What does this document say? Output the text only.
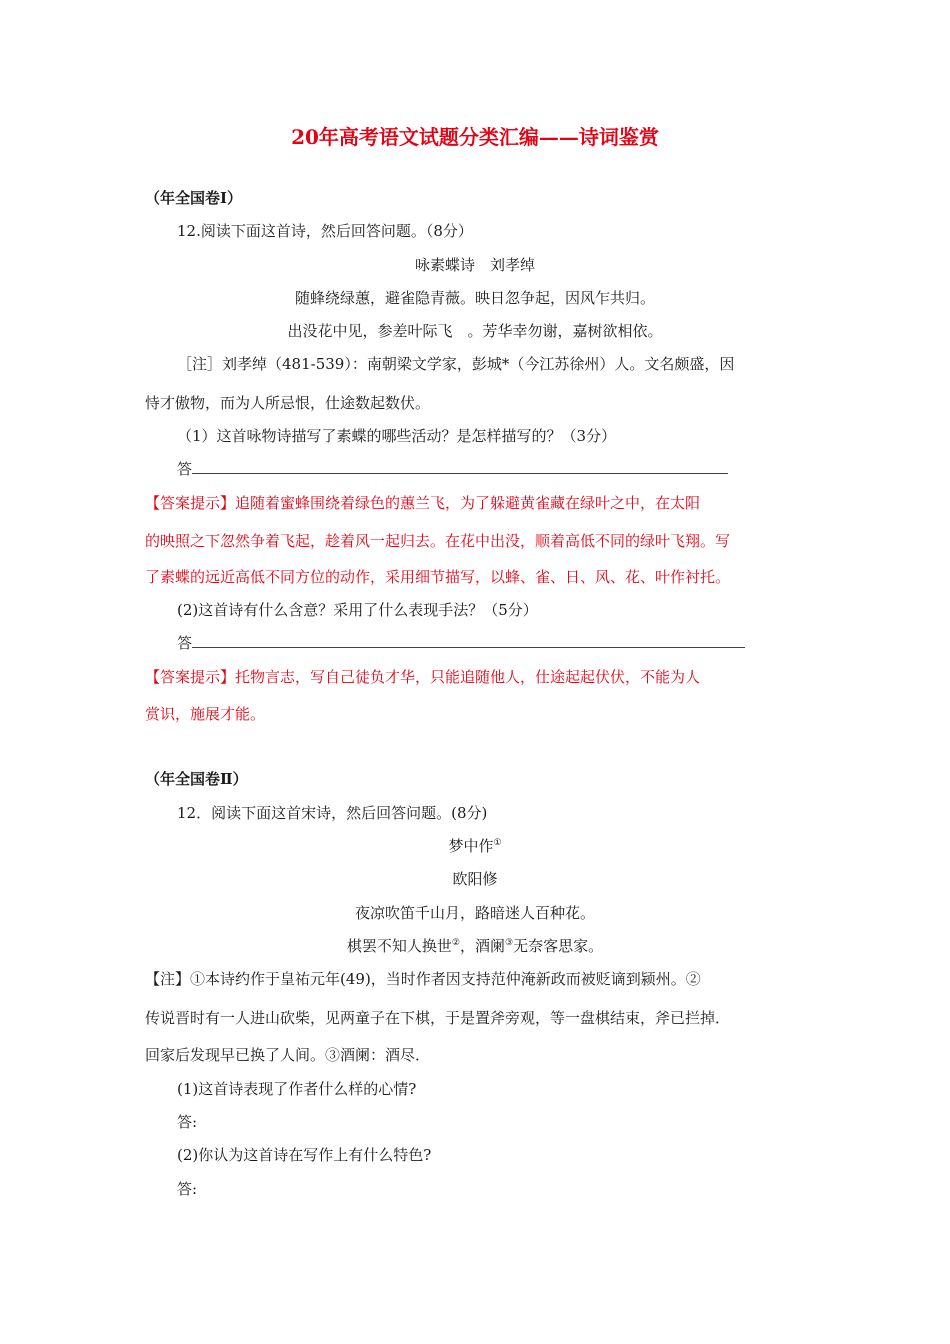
20年高考语文试题分类汇编——诗词鉴赏
（年全国卷Ⅰ）
12.阅读下面这首诗，然后回答问题。（8分）
咏素蝶诗　刘孝绰
随蜂绕绿蕙，避雀隐青薇。映日忽争起，因风乍共归。
出没花中见，参差叶际飞　。芳华幸勿谢，嘉树欲相依。
［注］刘孝绰（481-539）：南朝梁文学家，彭城*（今江苏徐州）人。文名颇盛，因
恃才傲物，而为人所忌恨，仕途数起数伏。
（1）这首咏物诗描写了素蝶的哪些活动？是怎样描写的？（3分）
答
【答案提示】追随着蜜蜂围绕着绿色的蕙兰飞，为了躲避黄雀藏在绿叶之中，在太阳
的映照之下忽然争着飞起，趁着风一起归去。在花中出没，顺着高低不同的绿叶飞翔。写
了素蝶的远近高低不同方位的动作，采用细节描写，以蜂、雀、日、风、花、叶作衬托。
(2)这首诗有什么含意？采用了什么表现手法？（5分）
答
【答案提示】托物言志，写自己徒负才华，只能追随他人，仕途起起伏伏，不能为人
赏识，施展才能。
（年全国卷Ⅱ）
12．阅读下面这首宋诗，然后回答问题。(8分)
梦中作①
欧阳修
夜凉吹笛千山月，路暗迷人百种花。
棋罢不知人换世②，酒阑③无奈客思家。
【注】①本诗约作于皇祐元年(49)，当时作者因支持范仲淹新政而被贬谪到颍州。②
传说晋时有一人进山砍柴，见两童子在下棋，于是置斧旁观，等一盘棋结束，斧已拦掉．
回家后发现早已换了人间。③酒阑：酒尽．
(1)这首诗表现了作者什么样的心情?
答:
(2)你认为这首诗在写作上有什么特色?
答:
